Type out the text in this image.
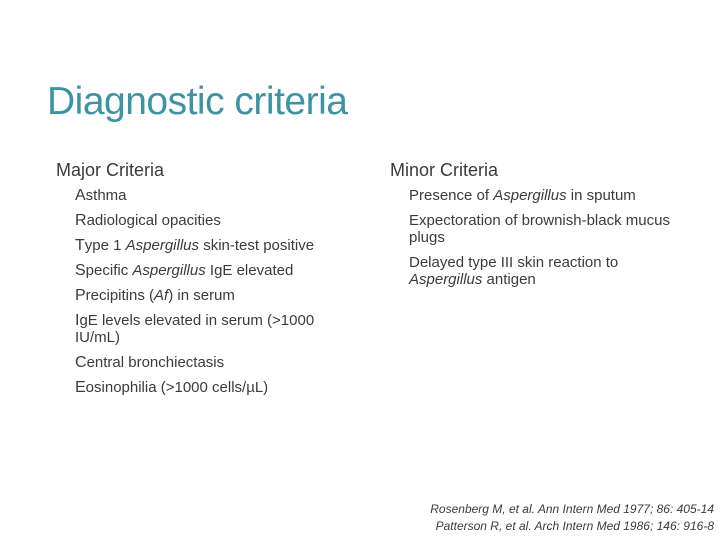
Diagnostic criteria
Major Criteria
Asthma
Radiological opacities
Type 1 Aspergillus skin-test positive
Specific Aspergillus IgE elevated
Precipitins (Af) in serum
IgE levels elevated in serum (>1000 IU/mL)
Central bronchiectasis
Eosinophilia (>1000 cells/µL)
Minor Criteria
Presence of Aspergillus in sputum
Expectoration of brownish-black mucus plugs
Delayed type III skin reaction to Aspergillus antigen
Rosenberg M, et al. Ann Intern Med 1977; 86: 405-14
Patterson R, et al. Arch Intern Med 1986; 146: 916-8
